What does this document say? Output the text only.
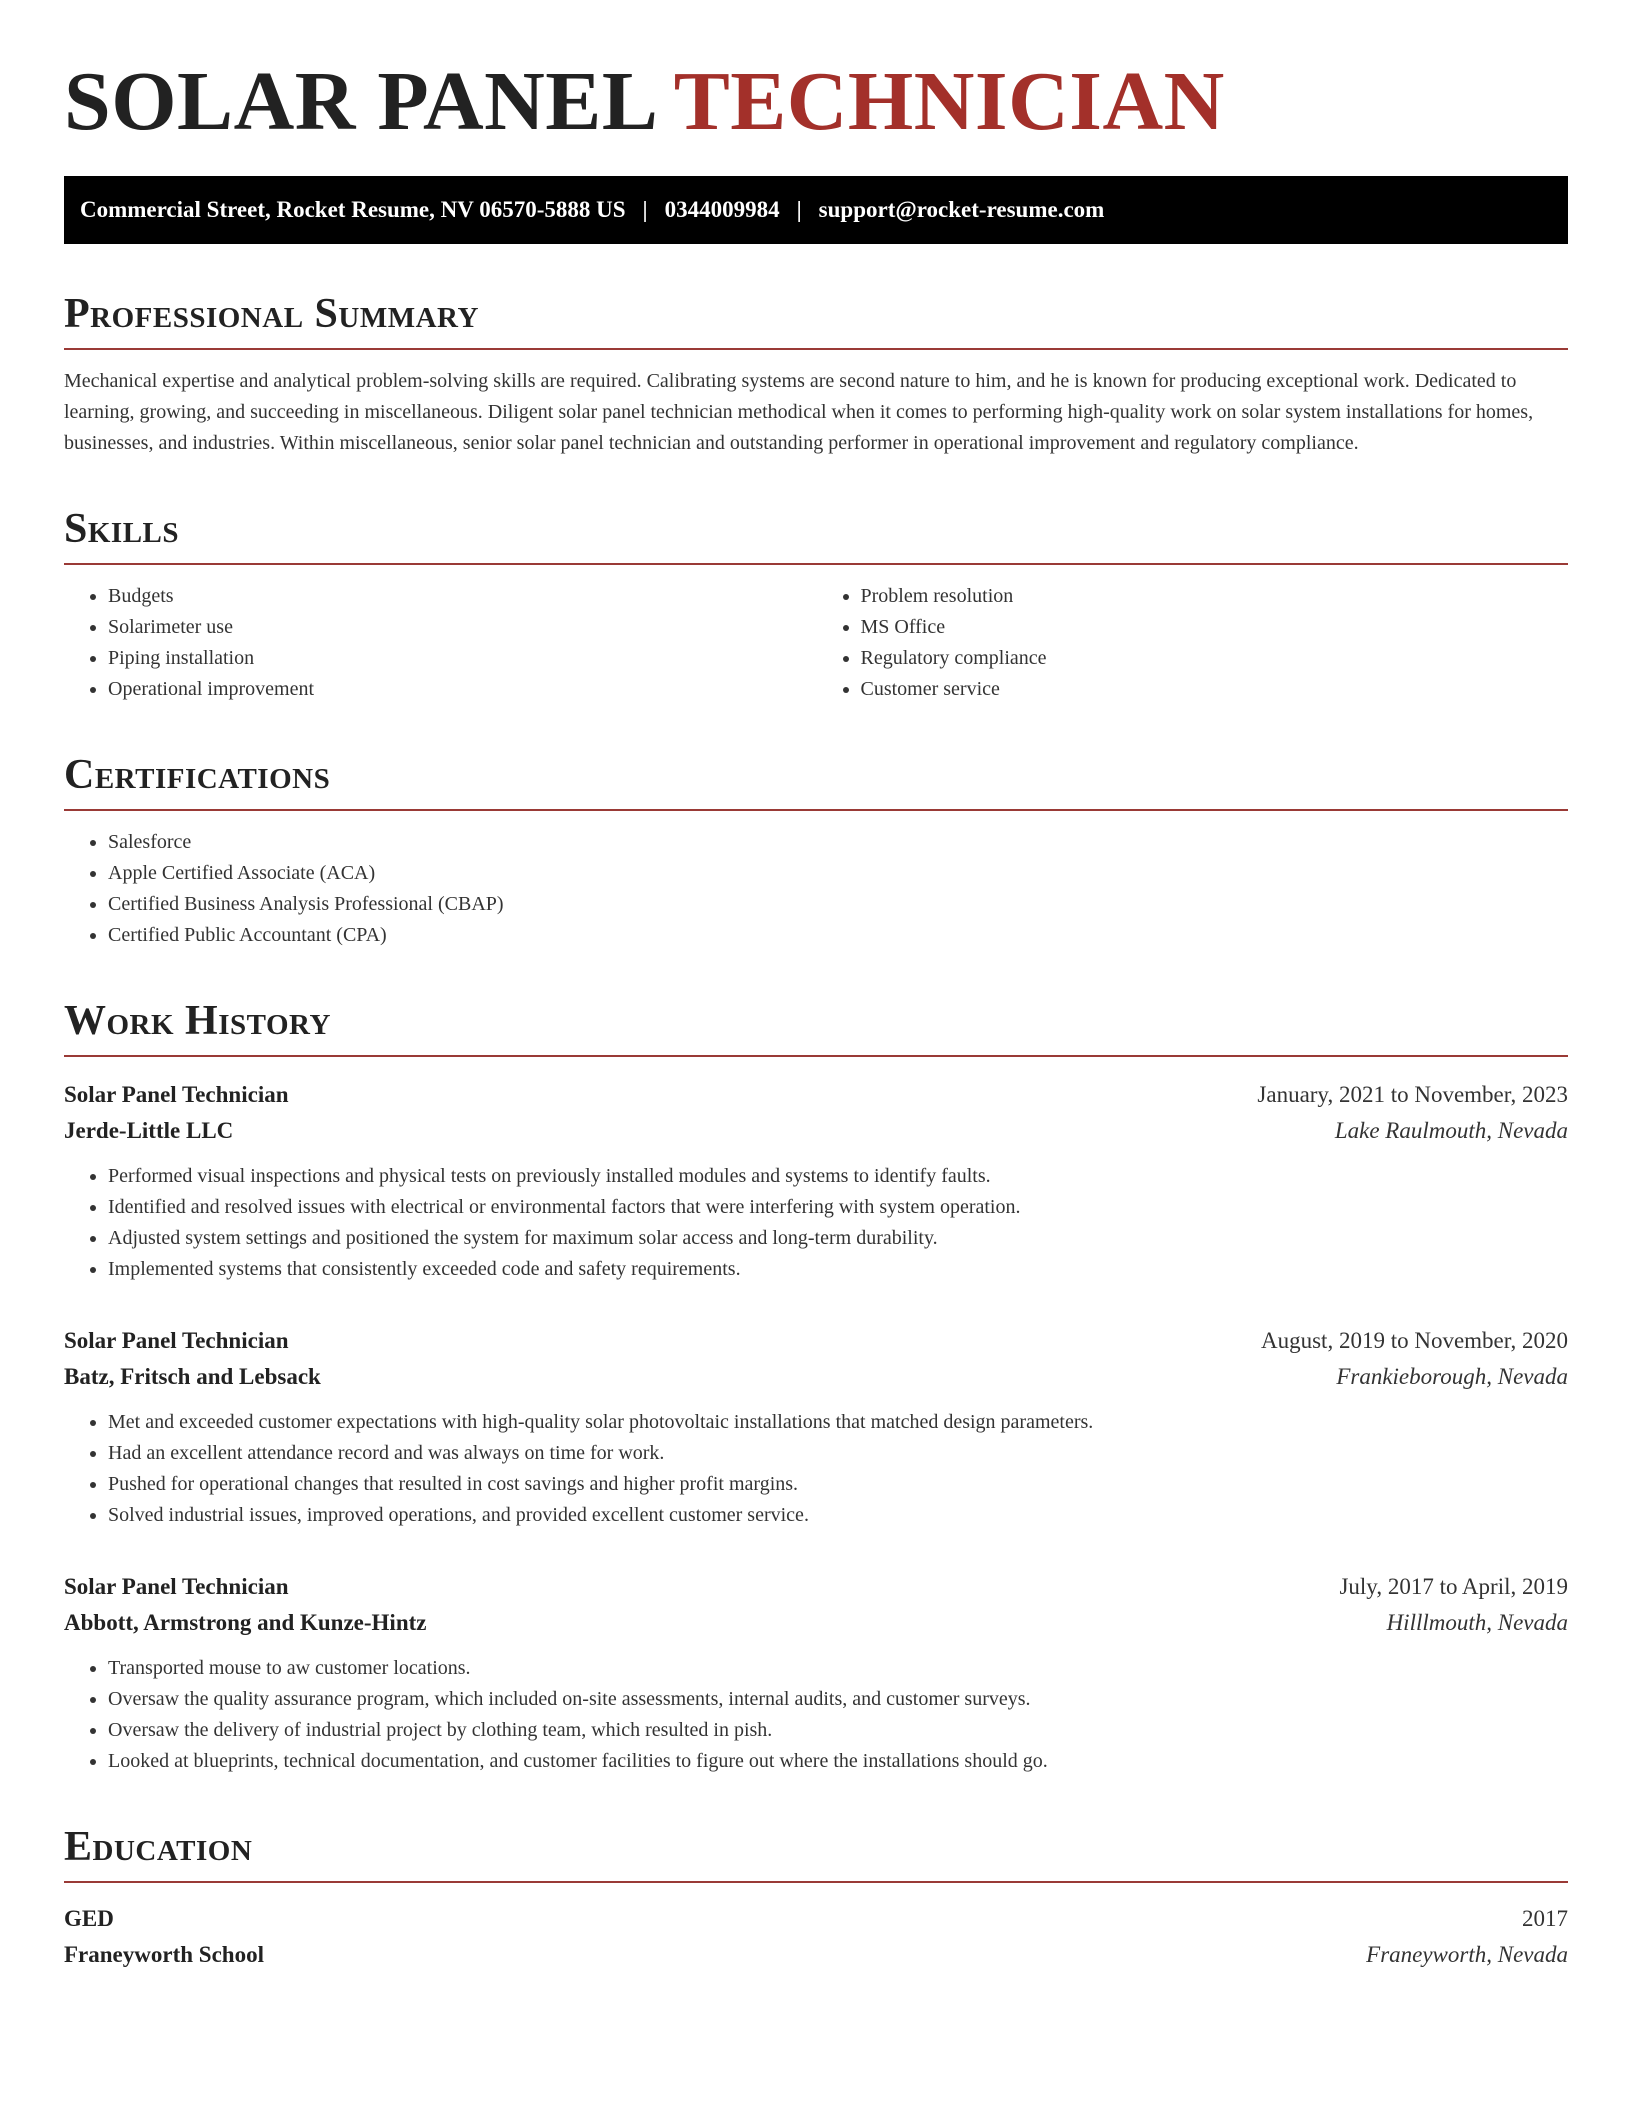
SOLAR PANEL TECHNICIAN
Commercial Street, Rocket Resume, NV 06570-5888 US | 0344009984 | support@rocket-resume.com
Professional Summary

Mechanical expertise and analytical problem-solving skills are required. Calibrating systems are second nature to him, and he is known for producing exceptional work. Dedicated to learning, growing, and succeeding in miscellaneous. Diligent solar panel technician methodical when it comes to performing high-quality work on solar system installations for homes, businesses, and industries. Within miscellaneous, senior solar panel technician and outstanding performer in operational improvement and regulatory compliance.

Skills
• Budgets
• Solarimeter use
• Piping installation
• Operational improvement
• Problem resolution
• MS Office
• Regulatory compliance
• Customer service
Certifications
• Salesforce
• Apple Certified Associate (ACA)
• Certified Business Analysis Professional (CBAP)
• Certified Public Accountant (CPA)
Work History
Solar Panel Technician	January, 2021 to November, 2023
Jerde-Little LLC	Lake Raulmouth, Nevada
• Performed visual inspections and physical tests on previously installed modules and systems to identify faults.
• Identified and resolved issues with electrical or environmental factors that were interfering with system operation.
• Adjusted system settings and positioned the system for maximum solar access and long-term durability.
• Implemented systems that consistently exceeded code and safety requirements.
Solar Panel Technician	August, 2019 to November, 2020
Batz, Fritsch and Lebsack	Frankieborough, Nevada
• Met and exceeded customer expectations with high-quality solar photovoltaic installations that matched design parameters.
• Had an excellent attendance record and was always on time for work.
• Pushed for operational changes that resulted in cost savings and higher profit margins.
• Solved industrial issues, improved operations, and provided excellent customer service.
Solar Panel Technician	July, 2017 to April, 2019
Abbott, Armstrong and Kunze-Hintz	Hilllmouth, Nevada
• Transported mouse to aw customer locations.
• Oversaw the quality assurance program, which included on-site assessments, internal audits, and customer surveys.
• Oversaw the delivery of industrial project by clothing team, which resulted in pish.
• Looked at blueprints, technical documentation, and customer facilities to figure out where the installations should go.
Education
GED	2017
Franeyworth School	Franeyworth, Nevada
